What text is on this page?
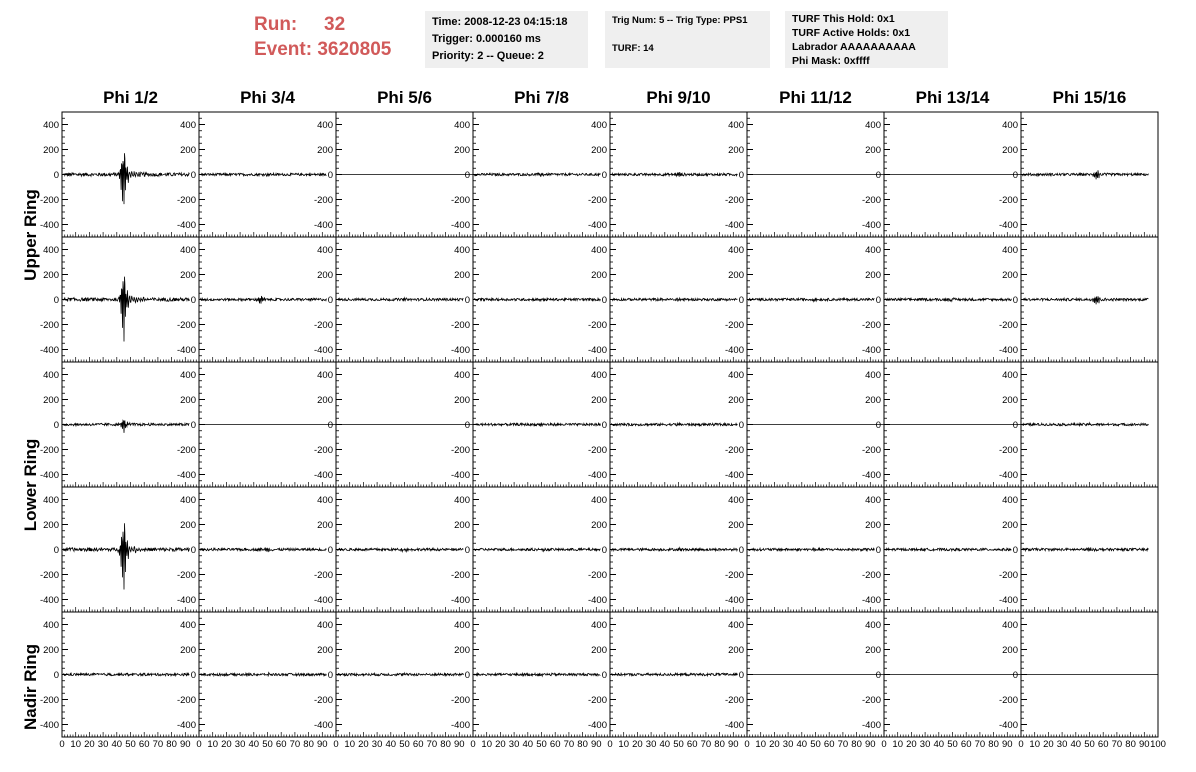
Run: 32
Event: 3620805
Time: 2008-12-23 04:15:18
Trigger: 0.000160 ms
Priority: 2 -- Queue: 2
Trig Num: 5 -- Trig Type: PPS1
TURF: 14
TURF This Hold: 0x1
TURF Active Holds: 0x1
Labrador AAAAAAAAAA
Phi Mask: 0xffff
Phi 1/2	Phi 3/4	Phi 5/6	Phi 7/8	Phi 9/10	Phi 11/12	Phi 13/14	Phi 15/16
Upper Ring
Lower Ring
Nadir Ring
400
200
0
-200
-400
400
200
0
-200
-400
400
200
0
-200
-400
400
200
0
-200
-400
400
200
0
-200
-400
400
200
0
-200
-400
400
200
0
-200
-400
400
200
0
-200
-400
400
200
0
-200
-400
400
200
0
-200
-400
400
200
0
-200
-400
400
200
0
-200
-400
400
200
0
-200
-400
400
200
0
-200
-400
400
200
0
-200
-400
400
200
0
-200
-400
400
200
0
-200
-400
400
200
0
-200
-400
400
200
0
-200
-400
400
200
0
-200
-400
400
200
0
-200
-400
400
200
0
-200
-400
400
200
0
-200
-400
400
200
0
-200
-400
400
200
0
-200
-400
400
200
0
-200
-400
400
200
0
-200
-400
400
200
0
-200
-400
400
200
0
-200
-400
400
200
0
-200
-400
400
200
0
-200
-400
400
200
0
-200
-400
400
200
0
-200
-400
400
200
0
-200
-400
400
200
0
-200
-400
400
200
0
-200
-400
400
200
0
-200
-400
400
200
0
-200
-400
400
200
0
-200
-400
400
200
0
-200
-400
0 10 20 30 40 50 60 70 80 90 0 10 20 30 40 50 60 70 80 90 0 10 20 30 40 50 60 70 80 90 0 10 20 30 40 50 60 70 80 90 0 10 20 30 40 50 60 70 80 90 0 10 20 30 40 50 60 70 80 90 0 10 20 30 40 50 60 70 80 90 0 10 20 30 40 50 60 70 80 90 100
